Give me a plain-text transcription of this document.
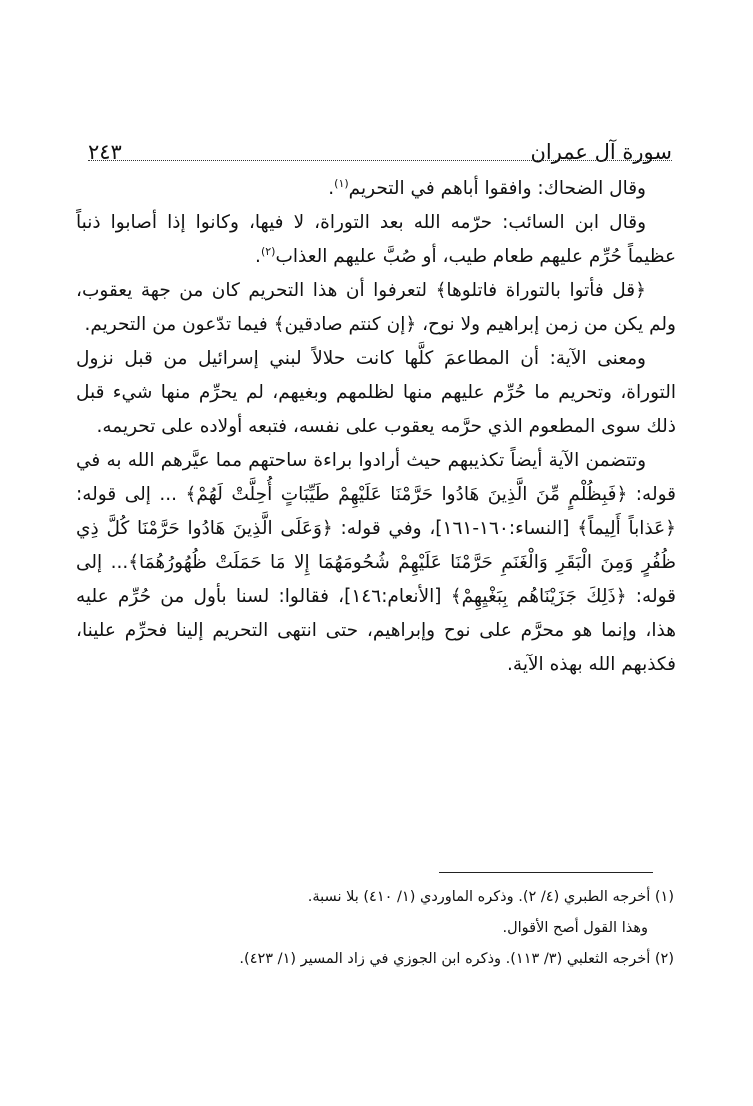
سورة آل عمران
٢٤٣

وقال الضحاك: وافقوا أباهم في التحريم$^{(١)}$.

وقال ابن السائب: حرّمه الله بعد التوراة، لا فيها، وكانوا إذا أصابوا ذنباً عظيماً حُرِّم عليهم طعام طيب، أو صُبَّ عليهم العذاب$^{(٢)}$.

﴿قل فأتوا بالتوراة فاتلوها﴾ لتعرفوا أن هذا التحريم كان من جهة يعقوب، ولم يكن من زمن إبراهيم ولا نوح، ﴿إن كنتم صادقين﴾ فيما تدّعون من التحريم.

ومعنى الآية: أن المطاعمَ كلَّها كانت حلالاً لبني إسرائيل من قبل نزول التوراة، وتحريم ما حُرِّم عليهم منها لظلمهم وبغيهم، لم يحرِّم منها شيء قبل ذلك سوى المطعوم الذي حرَّمه يعقوب على نفسه، فتبعه أولاده على تحريمه.

وتتضمن الآية أيضاً تكذيبهم حيث أرادوا براءة ساحتهم مما عيَّرهم الله به في قوله: ﴿فَبِظُلْمٍ مِّنَ الَّذِينَ هَادُوا حَرَّمْنَا عَلَيْهِمْ طَيِّبَاتٍ أُحِلَّتْ لَهُمْ﴾ ... إلى قوله: ﴿عَذاباً أَلِيماً﴾ [النساء:١٦٠-١٦١]، وفي قوله: ﴿وَعَلَى الَّذِينَ هَادُوا حَرَّمْنَا كُلَّ ذِي ظُفُرٍ وَمِنَ الْبَقَرِ وَالْغَنَمِ حَرَّمْنَا عَلَيْهِمْ شُحُومَهُمَا إِلا مَا حَمَلَتْ ظُهُورُهُمَا﴾... إلى قوله: ﴿ذَلِكَ جَزَيْنَاهُم بِبَغْيِهِمْ﴾ [الأنعام:١٤٦]، فقالوا: لسنا بأول من حُرِّم عليه هذا، وإنما هو محرَّم على نوح وإبراهيم، حتى انتهى التحريم إلينا فحرِّم علينا، فكذبهم الله بهذه الآية.

(١) أخرجه الطبري (٤/ ٢). وذكره الماوردي (١/ ٤١٠) بلا نسبة.
وهذا القول أصح الأقوال.
(٢) أخرجه الثعلبي (٣/ ١١٣). وذكره ابن الجوزي في زاد المسير (١/ ٤٢٣).
